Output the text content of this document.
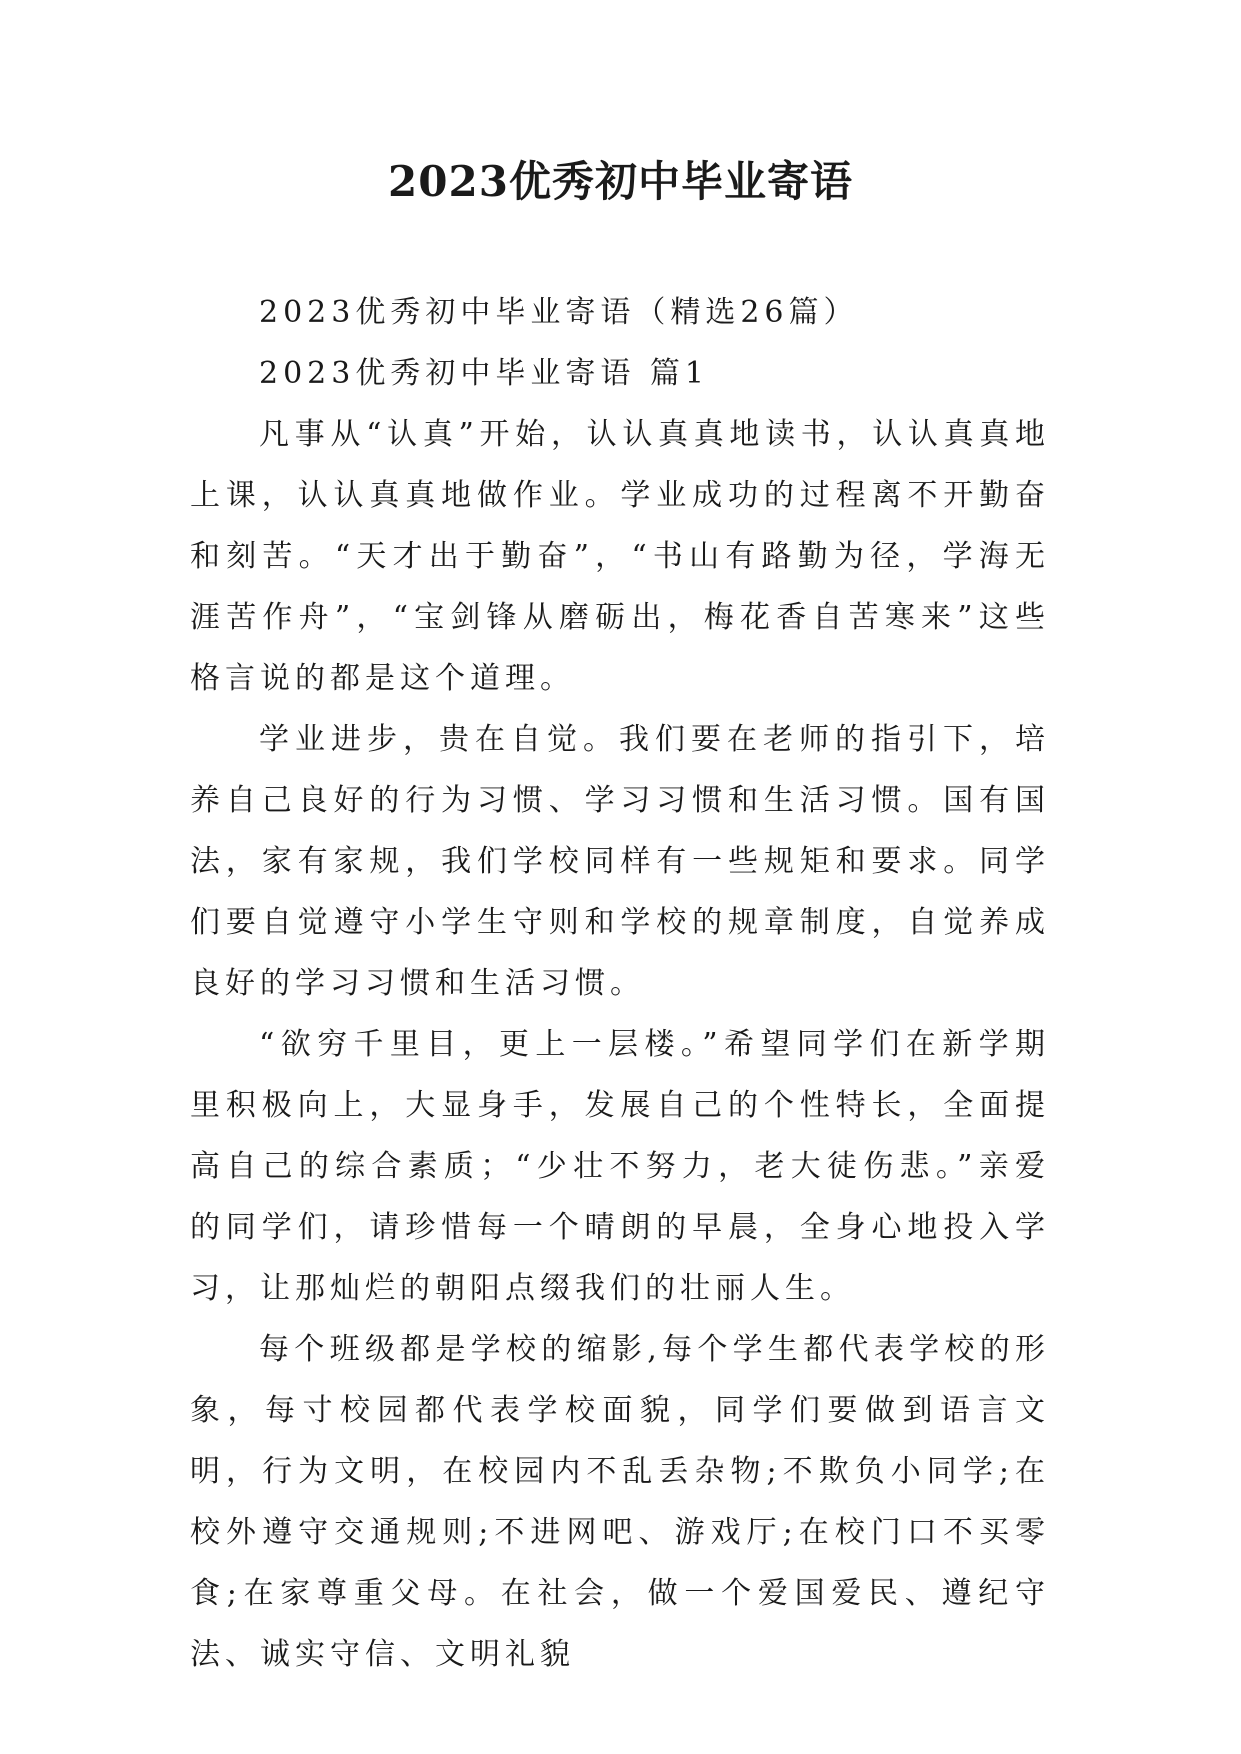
2023优秀初中毕业寄语

2023优秀初中毕业寄语（精选26篇）

2023优秀初中毕业寄语 篇1

凡事从“认真”开始，认认真真地读书，认认真真地上课，认认真真地做作业。学业成功的过程离不开勤奋和刻苦。“天才出于勤奋”，“书山有路勤为径，学海无涯苦作舟”，“宝剑锋从磨砺出，梅花香自苦寒来”这些格言说的都是这个道理。

学业进步，贵在自觉。我们要在老师的指引下，培养自己良好的行为习惯、学习习惯和生活习惯。国有国法，家有家规，我们学校同样有一些规矩和要求。同学们要自觉遵守小学生守则和学校的规章制度，自觉养成良好的学习习惯和生活习惯。

“欲穷千里目，更上一层楼。”希望同学们在新学期里积极向上，大显身手，发展自己的个性特长，全面提高自己的综合素质；“少壮不努力，老大徒伤悲。”亲爱的同学们，请珍惜每一个晴朗的早晨，全身心地投入学习，让那灿烂的朝阳点缀我们的壮丽人生。

每个班级都是学校的缩影,每个学生都代表学校的形象，每寸校园都代表学校面貌，同学们要做到语言文明，行为文明，在校园内不乱丢杂物;不欺负小同学;在校外遵守交通规则;不进网吧、游戏厅;在校门口不买零食;在家尊重父母。在社会，做一个爱国爱民、遵纪守法、诚实守信、文明礼貌
